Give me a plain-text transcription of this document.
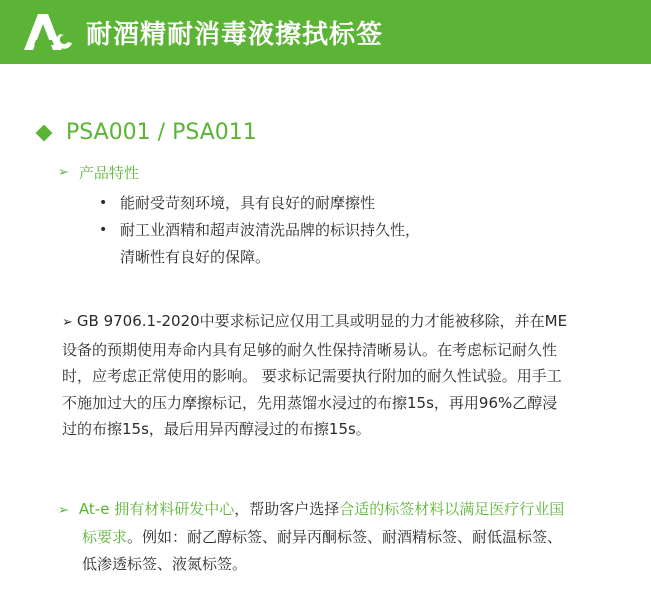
耐酒精耐消毒液擦拭标签
PSA001 / PSA011
➢ 产品特性
• 能耐受苛刻环境，具有良好的耐摩擦性
• 耐工业酒精和超声波清洗品牌的标识持久性，
清晰性有良好的保障。

➢ GB 9706.1-2020中要求标记应仅用工具或明显的力才能被移除，并在ME
设备的预期使用寿命内具有足够的耐久性保持清晰易认。在考虑标记耐久性
时，应考虑正常使用的影响。 要求标记需要执行附加的耐久性试验。用手工
不施加过大的压力摩擦标记，先用蒸馏水浸过的布擦15s，再用96%乙醇浸
过的布擦15s，最后用异丙醇浸过的布擦15s。

➢ At-e 拥有材料研发中心，帮助客户选择合适的标签材料以满足医疗行业国
标要求。例如：耐乙醇标签、耐异丙酮标签、耐酒精标签、耐低温标签、
低渗透标签、液氮标签。
